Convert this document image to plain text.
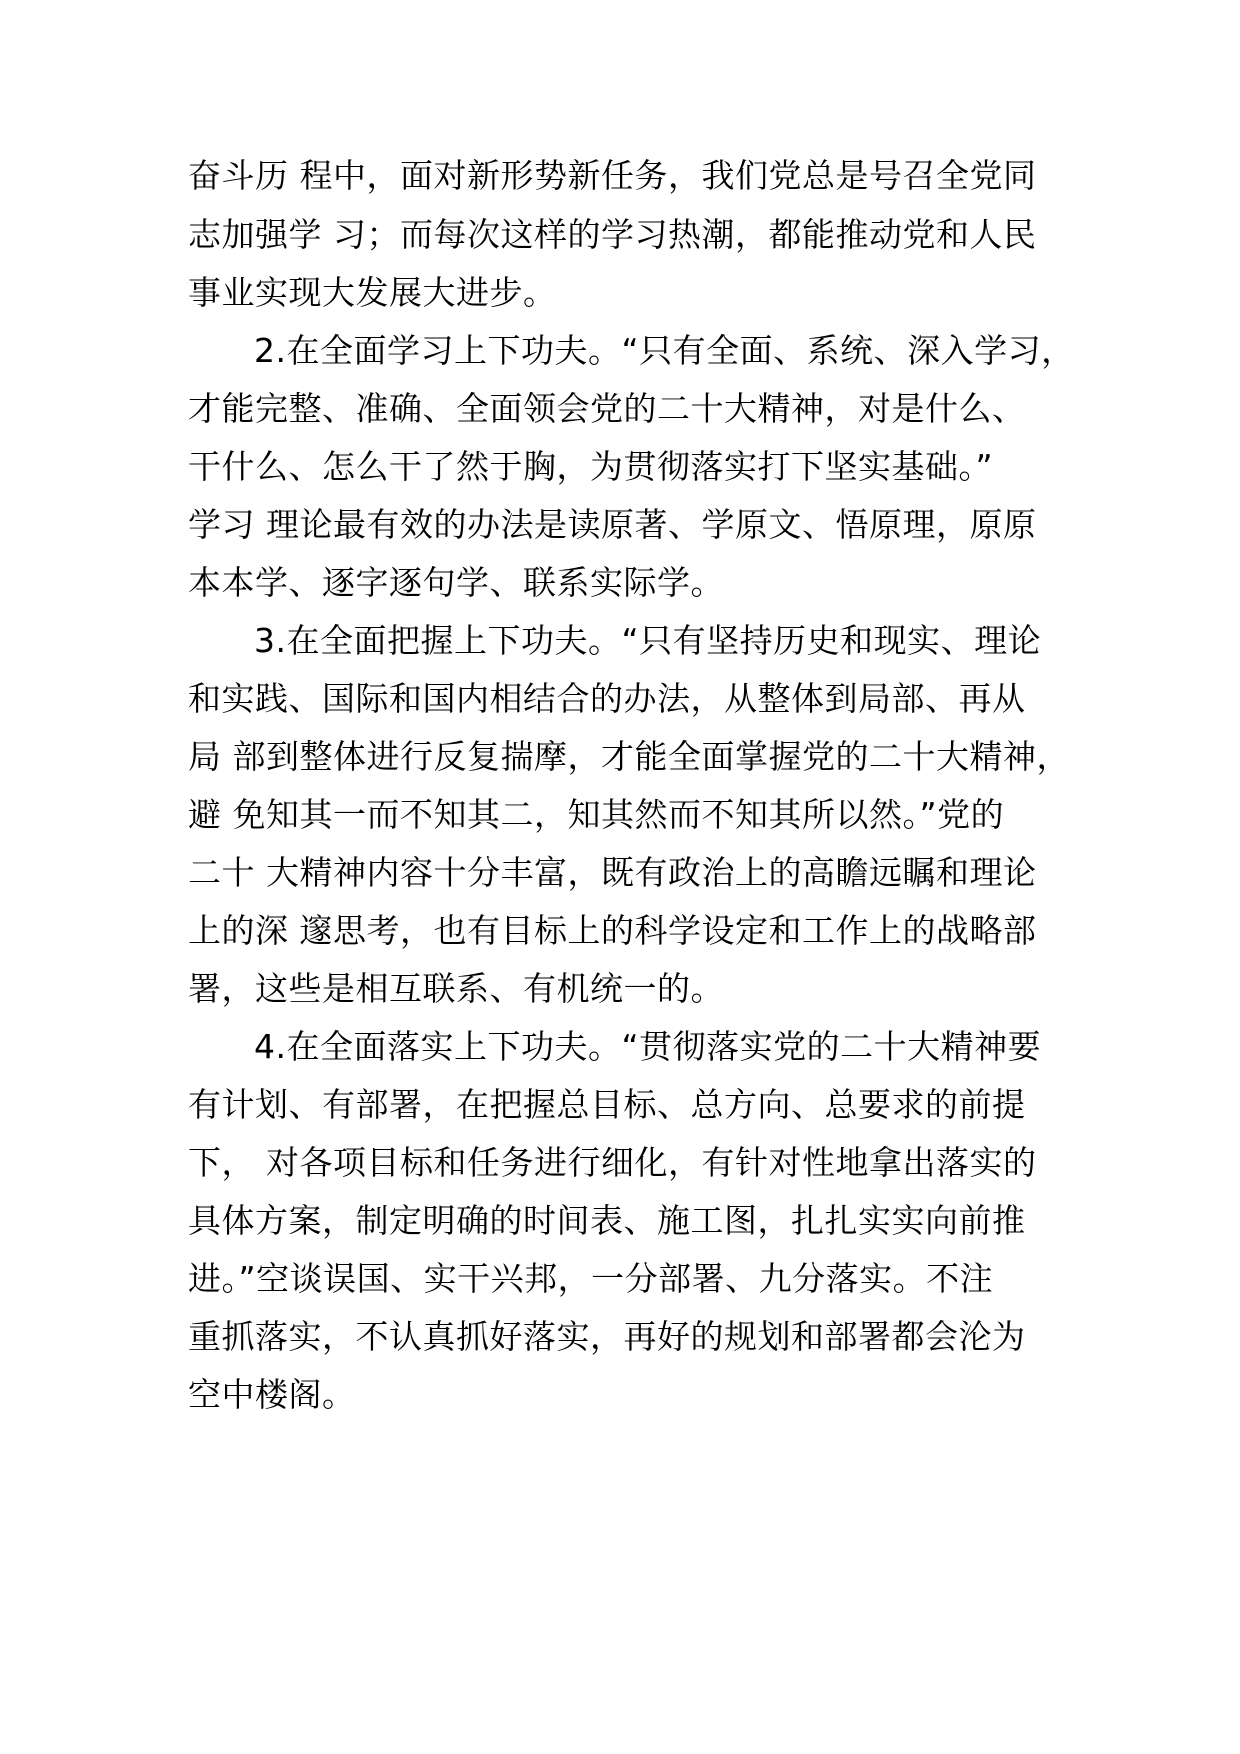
奋斗历 程中，面对新形势新任务，我们党总是号召全党同
志加强学 习；而每次这样的学习热潮，都能推动党和人民
事业实现大发展大进步。
2.在全面学习上下功夫。“只有全面、系统、深入学习，
才能完整、准确、全面领会党的二十大精神，对是什么、
干什么、怎么干了然于胸，为贯彻落实打下坚实基础。”
学习 理论最有效的办法是读原著、学原文、悟原理，原原
本本学、逐字逐句学、联系实际学。
3.在全面把握上下功夫。“只有坚持历史和现实、理论
和实践、国际和国内相结合的办法，从整体到局部、再从
局 部到整体进行反复揣摩，才能全面掌握党的二十大精神，
避 免知其一而不知其二，知其然而不知其所以然。”党的
二十 大精神内容十分丰富，既有政治上的高瞻远瞩和理论
上的深 邃思考，也有目标上的科学设定和工作上的战略部
署，这些是相互联系、有机统一的。
4.在全面落实上下功夫。“贯彻落实党的二十大精神要
有计划、有部署，在把握总目标、总方向、总要求的前提
下， 对各项目标和任务进行细化，有针对性地拿出落实的
具体方案，制定明确的时间表、施工图，扎扎实实向前推
进。”空谈误国、实干兴邦，一分部署、九分落实。不注
重抓落实，不认真抓好落实，再好的规划和部署都会沦为
空中楼阁。
